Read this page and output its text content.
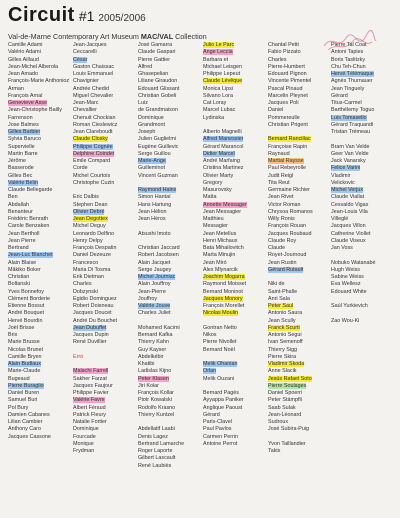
Circuit #1 2005/2006
Val-de-Marne Contemporary Art Museum MAC/VAL Collection
Camille Adami
Valério Adami
Gilles Aillaud
Jean-Michel Alberola
Jean Amado
François-Marie Anthonioz
Arman
François Arnal
Genevieve Asse
Jean-Christophe Bailly
Farrenson
Jose Balmes
Gilles Barbier
Sylvia Baruco
Supervielle
Martin Barre
Jérôme
Basserode
Gilles Bec
Valérie Belin
Claude Bellegarde
Ben
Abdallah
Benanteur
Frédéric Benrath
Carole Benzaken
Jean Bertholl
Jean Pierre
Bertrand
Jean-Luc Blanchet
Alain Blaise
Mâkiko Boker
Christian
Boltanski
Yves Bonnefoy
Clément Borderie
Étienne Bossut
André Bouquet
Hervé Bourdin
Joël Brisse
Brix
Marie Brusse
Nicolas Brunet
Camille Bryen
Alain Budlaux
Marie-Claude
Bugeaud
Pierre Buraglio
Daniel Buren
Samuel Buri
Pol Bury
Damien Cabanes
Lilian Cambier
Anthony Caro
Jacques Cassone
Jean-Jacques
Ceccarelli
César
Gaston Chaissac
Louis Emmanuel
Chavignier
Andrée Chedid
Miguel Chevalier
Jean-Marc
Chevallier
Chenuit Chockian
Roman Cieslewicz
Jean Clareboudt
Claude Closky
Philippe Cognée
Delphine Coindet
Émile Compard
Corde
Michel Courtois
Christophe Cuzin
Eric Dalbis
Stephen Dean
Olivier Debré
Jean Degottex
Michel Deguy
Leonardo Delfino
Henry Delpy
François Despatin
Daniel Dezeuze
Francesco
Maria Di Tosma
Erik Dietman
Charles
Dobzynski
Egidio Dominguez
Robert Doisneau
Jacques Doucet
André Du Bouchet
Jean Dubuffet
Jacques Dupin
René Duvillier
Erró
Malachi Farrell
Sakher Farzat
Jacques Faujour
Philippe Favier
Valérie Favre
Albert Féraud
Patrick Fleury
Natalie Fortier
Dominique
Fourcade
Monique
Frydman
José Gamarra
Claude Gaspari
Pierre Gattier
Alfred
Ghasepelian
Liliane Giraudon
Édouard Glissant
Christian Gobeli
Luiz
de Grandmaison
Dominique
Grandmont
Joseph
Julien Guglielmi
Eugène Guillevic
Serge Guillou
Marie-Ange
Guilleminot
Vincent Guzman
Raymond Hains
Simon Hantaï
Hans Hartung
Jean Hélion
Jean Héros
Atsushi Imoto
Christian Jaccard
Robert Jacobsen
Alain Jacquet
Serge Jaugey
Michel Journiac
Alain Jouffroy
Jean-Pierre
Jouffroy
Valérie Jouve
Charles Juliet
Mohamed Kacimi
Bernard Kafka
Thierry Kahn
Guy Kayser
Abdelkébir
Khatibi
Ladislas Kijno
Peter Klasen
Jiri Kolar
François Kollar
Piotr Kowalski
Rodolfo Krasno
Thierry Kuntzel
Abdellatif Laabi
Denis Lagez
Bertrand Lamarche
Roger Laporte
Gilbert Lascault
René Laubiès
Julio Le Parc
Ange Leccia
Barbara et
Michael Leisgen
Philippe Lepeut
Claude Lévêque
Monica Lipsi
Silvano Lora
Cat Loray
Marcel Lubac
Lydinska
Alberto Magnelli
Alfred Manessier
Gérard Marancol
Didier Marcel
André Marfaing
Cristina Martinez
Olivier Marty
Gregory
Masurovsky
Matta
Annette Messager
Jean Messagier
Matthieu
Messagier
Jean Metellus
Henri Michaux
Bata Mihailovitch
Marta Minujin
Jean Miró
Alex Mlynarcik
Joachim Mogarra
Raymond Moisset
Bernard Moninot
Jacques Monory
François Morellet
Nicolas Moulin
Gontran Netto
Nikos
Pierre Nivollet
Bernard Noël
Melik Ohanian
Orlan
Melik Ouzani
Bernard Pagès
Ayyappa Paniker
Anglique Paoust
Gérard
Paris-Clavel
Paul Pavlos
Carmen Perrin
Antoine Perrot
Chantal Petit
Fabio Pizzato
Charles
Pierre-Humbert
Édouard Pignon
Vincente Pimentel
Pascal Pinaud
Marcelin Pleynet
Jacques Poli
Daniel
Pommereulle
Christian Prigent
Bernard Rancillac
Françoise Rapin
Raynaud
Martial Raysse
Paul Rebeyrolle
Judit Reigl
Tita Reut
Germaine Richier
Jean Rivet
Victor Roman
Chrysoa Romanos
Willy Ronis
François Rouan
Jacques Roubaud
Claude Roy
Claude
Royet-Journoud
Jean Rustin
Gérard Rutault
Niki de
Saint-Phalle
Anri Sala
Peter Saul
Antonio Saura
Jean Scully
Franck Scurti
Antonio Segui
Ivan Semenoff
Thierry Sigg
Pierre Skira
Vladimir Skoda
Anne Slacik
Jesús Rafael Soto
Pierre Soulages
Daniel Spoerri
Peter Stämpfli
Saab Sulak
Jean-Léonard
Sudroux
José Subira-Puig
Yvon Taillandier
Takis
Pierre Tal Coat
Antoni Tapies
Boris Taslitzky
Chu Teh-Chun
Hervé Télémaque
Agnès Thurnauer
Jean Tinguely
Gérard
Titus-Carmel
Barthélemy Toguo
Luis Tomasello
Gérard Traquandi
Tristan Trémeau
Bram Van Velde
Geer Van Velde
Jack Vanarsky
Felice Varini
Vladimir
Velickovic
Michel Verjux
Claude Viallat
Cesvaldo Vigas
Jean-Louis Vila
Villeglé
Jacques Villon
Catherine Viollet
Claude Viseux
Jan Voss
Nobuko Watanabé
Hugh Weiss
Sabine Weiss
Eva Wellesz
Edouard White
Saúl Yurkievich
Zao Wou-Ki
